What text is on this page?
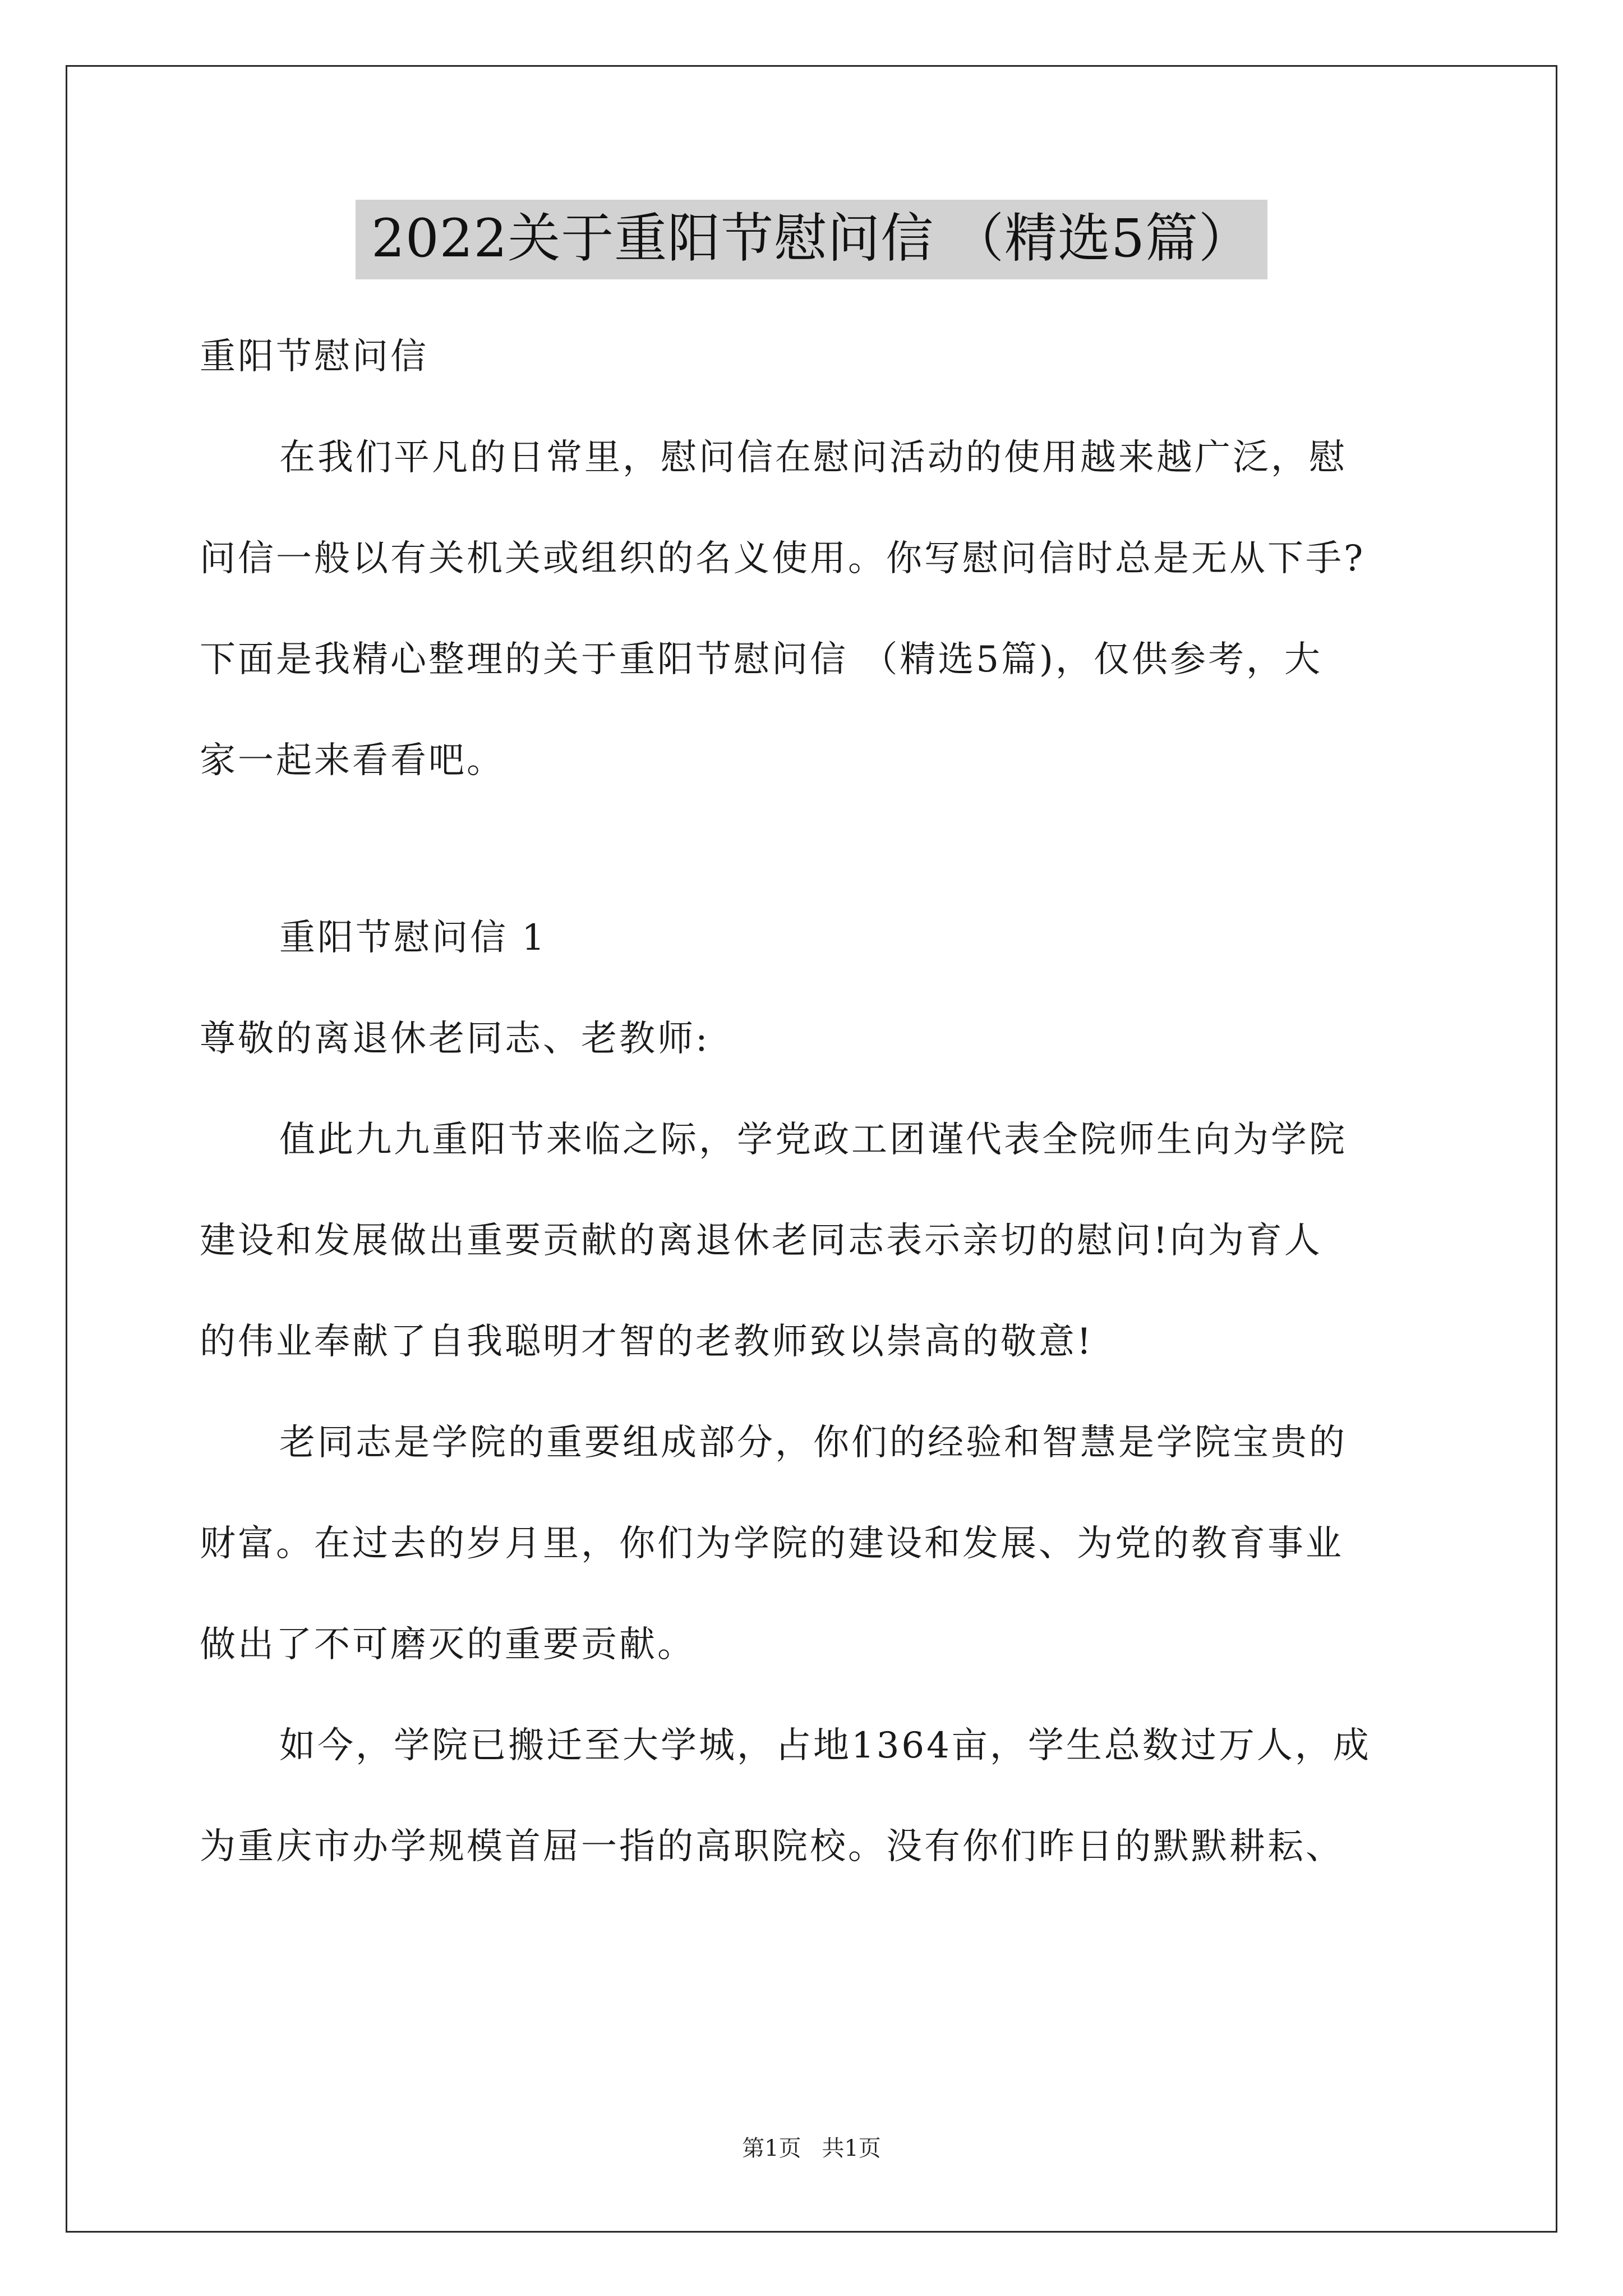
2022关于重阳节慰问信 （精选5篇）
重阳节慰问信
在我们平凡的日常里，慰问信在慰问活动的使用越来越广泛，慰
问信一般以有关机关或组织的名义使用。你写慰问信时总是无从下手?
下面是我精心整理的关于重阳节慰问信 （精选5篇)，仅供参考，大
家一起来看看吧。
重阳节慰问信 1
尊敬的离退休老同志、老教师:
值此九九重阳节来临之际，学党政工团谨代表全院师生向为学院
建设和发展做出重要贡献的离退休老同志表示亲切的慰问!向为育人
的伟业奉献了自我聪明才智的老教师致以崇高的敬意!
老同志是学院的重要组成部分，你们的经验和智慧是学院宝贵的
财富。在过去的岁月里，你们为学院的建设和发展、为党的教育事业
做出了不可磨灭的重要贡献。
如今，学院已搬迁至大学城，占地1364亩，学生总数过万人，成
为重庆市办学规模首屈一指的高职院校。没有你们昨日的默默耕耘、
第1页 共1页
